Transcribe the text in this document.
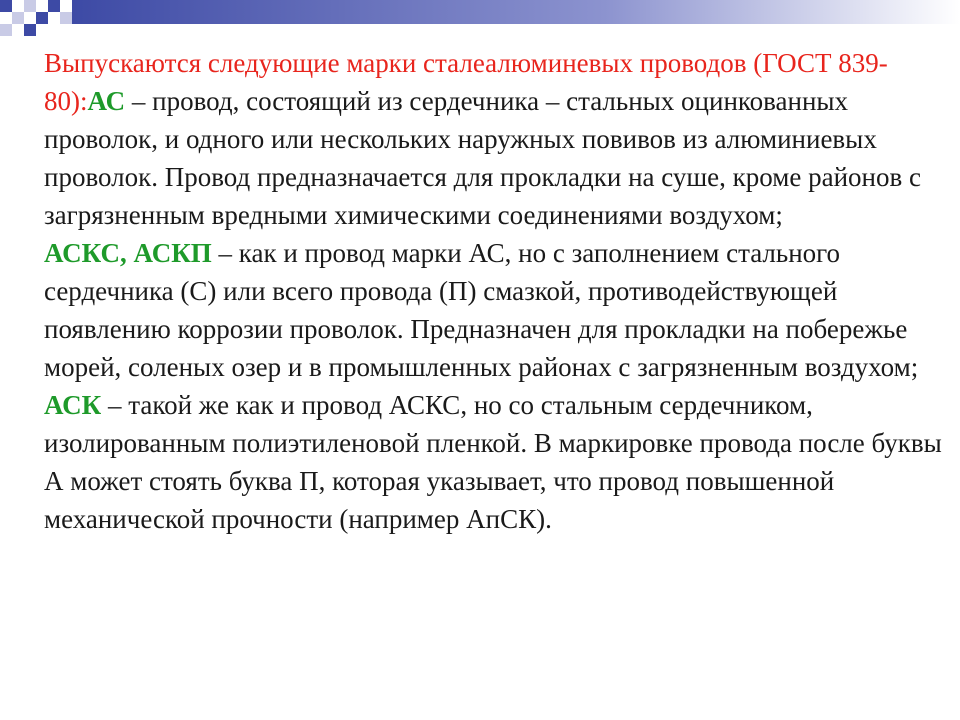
Выпускаются следующие марки сталеалюминевых проводов (ГОСТ 839-80):АС – провод, состоящий из сердечника – стальных оцинкованных проволок, и одного или нескольких наружных повивов из алюминиевых проволок. Провод предназначается для прокладки на суше, кроме районов с загрязненным вредными химическими соединениями воздухом;

АСКС, АСКП – как и провод марки АС, но с заполнением стального сердечника (С) или всего провода (П) смазкой, противодействующей появлению коррозии проволок. Предназначен для прокладки на побережье морей, соленых озер и в промышленных районах с загрязненным воздухом;

АСК – такой же как и провод АСКС, но со стальным сердечником, изолированным полиэтиленовой пленкой. В маркировке провода после буквы А может стоять буква П, которая указывает, что провод повышенной механической прочности (например АпСК).
